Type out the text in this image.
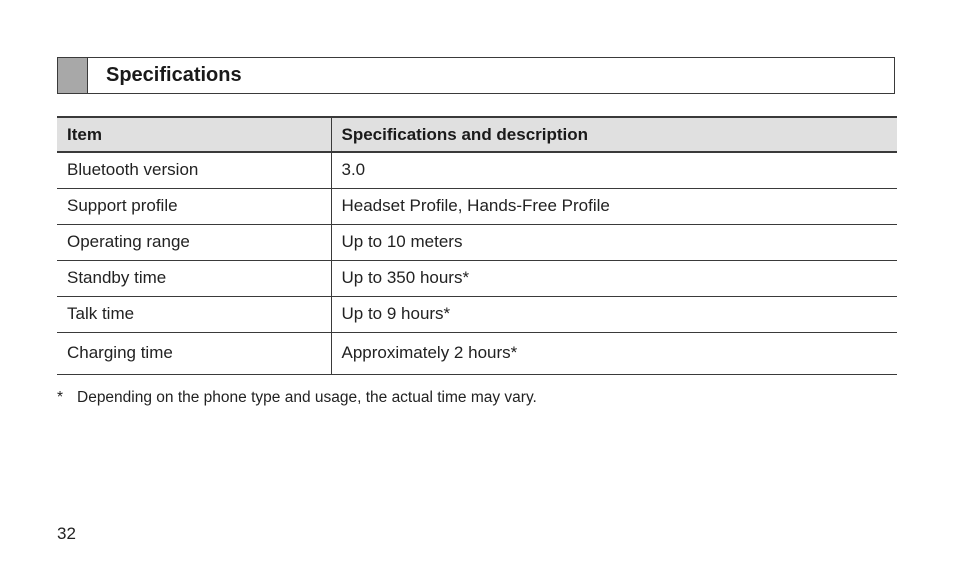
Specifications
Item	Specifications and description
Bluetooth version	3.0
Support profile	Headset Profile, Hands-Free Profile
Operating range	Up to 10 meters
Standby time	Up to 350 hours*
Talk time	Up to 9 hours*
Charging time	Approximately 2 hours*
* Depending on the phone type and usage, the actual time may vary.
32
